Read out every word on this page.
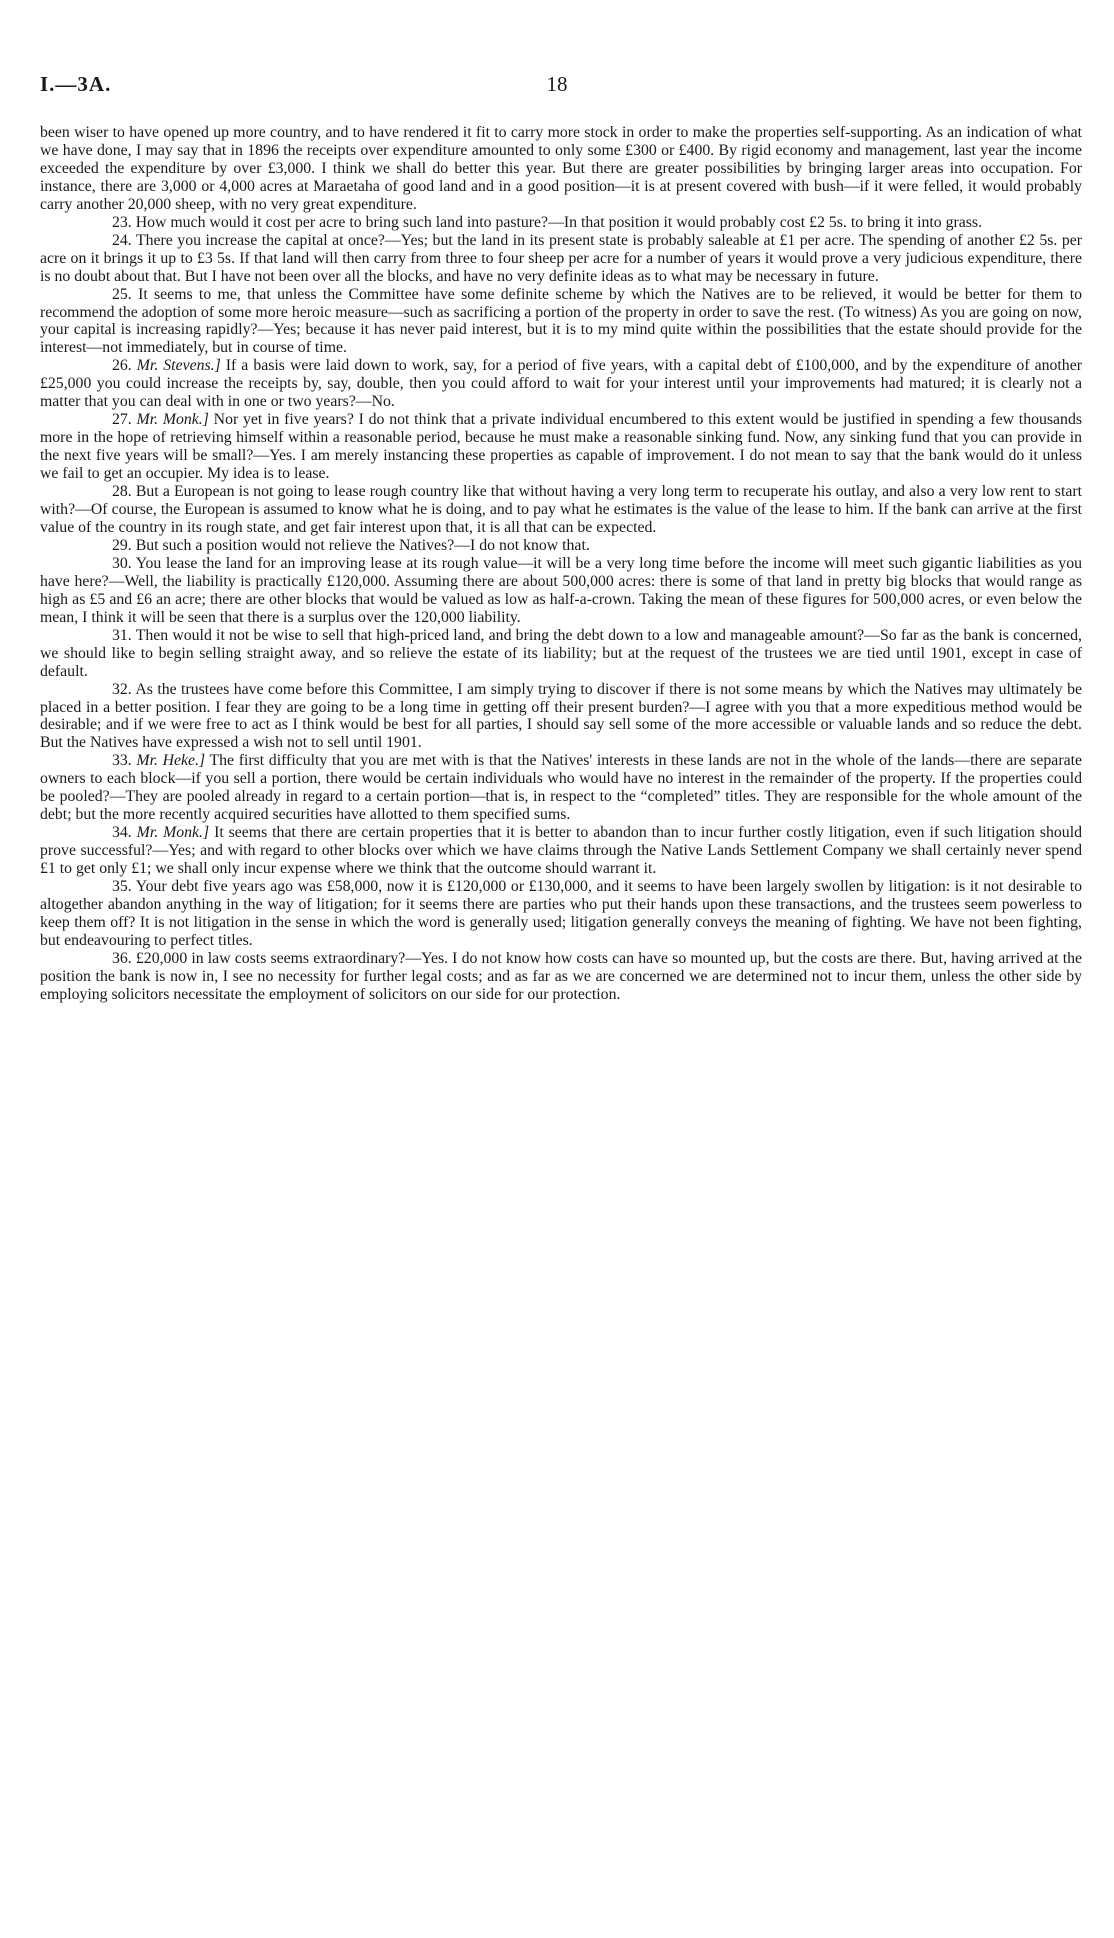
I.—3A.	18

been wiser to have opened up more country, and to have rendered it fit to carry more stock in order to make the properties self-supporting. As an indication of what we have done, I may say that in 1896 the receipts over expenditure amounted to only some £300 or £400. By rigid economy and management, last year the income exceeded the expenditure by over £3,000. I think we shall do better this year. But there are greater possibilities by bringing larger areas into occupation. For instance, there are 3,000 or 4,000 acres at Maraetaha of good land and in a good position—it is at present covered with bush—if it were felled, it would probably carry another 20,000 sheep, with no very great expenditure.

23. How much would it cost per acre to bring such land into pasture?—In that position it would probably cost £2 5s. to bring it into grass.

24. There you increase the capital at once?—Yes; but the land in its present state is probably saleable at £1 per acre. The spending of another £2 5s. per acre on it brings it up to £3 5s. If that land will then carry from three to four sheep per acre for a number of years it would prove a very judicious expenditure, there is no doubt about that. But I have not been over all the blocks, and have no very definite ideas as to what may be necessary in future.

25. It seems to me, that unless the Committee have some definite scheme by which the Natives are to be relieved, it would be better for them to recommend the adoption of some more heroic measure—such as sacrificing a portion of the property in order to save the rest. (To witness) As you are going on now, your capital is increasing rapidly?—Yes; because it has never paid interest, but it is to my mind quite within the possibilities that the estate should provide for the interest—not immediately, but in course of time.

26. Mr. Stevens.] If a basis were laid down to work, say, for a period of five years, with a capital debt of £100,000, and by the expenditure of another £25,000 you could increase the receipts by, say, double, then you could afford to wait for your interest until your improvements had matured; it is clearly not a matter that you can deal with in one or two years?—No.

27. Mr. Monk.] Nor yet in five years? I do not think that a private individual encumbered to this extent would be justified in spending a few thousands more in the hope of retrieving himself within a reasonable period, because he must make a reasonable sinking fund. Now, any sinking fund that you can provide in the next five years will be small?—Yes. I am merely instancing these properties as capable of improvement. I do not mean to say that the bank would do it unless we fail to get an occupier. My idea is to lease.

28. But a European is not going to lease rough country like that without having a very long term to recuperate his outlay, and also a very low rent to start with?—Of course, the European is assumed to know what he is doing, and to pay what he estimates is the value of the lease to him. If the bank can arrive at the first value of the country in its rough state, and get fair interest upon that, it is all that can be expected.

29. But such a position would not relieve the Natives?—I do not know that.

30. You lease the land for an improving lease at its rough value—it will be a very long time before the income will meet such gigantic liabilities as you have here?—Well, the liability is practically £120,000. Assuming there are about 500,000 acres: there is some of that land in pretty big blocks that would range as high as £5 and £6 an acre; there are other blocks that would be valued as low as half-a-crown. Taking the mean of these figures for 500,000 acres, or even below the mean, I think it will be seen that there is a surplus over the 120,000 liability.

31. Then would it not be wise to sell that high-priced land, and bring the debt down to a low and manageable amount?—So far as the bank is concerned, we should like to begin selling straight away, and so relieve the estate of its liability; but at the request of the trustees we are tied until 1901, except in case of default.

32. As the trustees have come before this Committee, I am simply trying to discover if there is not some means by which the Natives may ultimately be placed in a better position. I fear they are going to be a long time in getting off their present burden?—I agree with you that a more expeditious method would be desirable; and if we were free to act as I think would be best for all parties, I should say sell some of the more accessible or valuable lands and so reduce the debt. But the Natives have expressed a wish not to sell until 1901.

33. Mr. Heke.] The first difficulty that you are met with is that the Natives' interests in these lands are not in the whole of the lands—there are separate owners to each block—if you sell a portion, there would be certain individuals who would have no interest in the remainder of the property. If the properties could be pooled?—They are pooled already in regard to a certain portion—that is, in respect to the “completed” titles. They are responsible for the whole amount of the debt; but the more recently acquired securities have allotted to them specified sums.

34. Mr. Monk.] It seems that there are certain properties that it is better to abandon than to incur further costly litigation, even if such litigation should prove successful?—Yes; and with regard to other blocks over which we have claims through the Native Lands Settlement Company we shall certainly never spend £1 to get only £1; we shall only incur expense where we think that the outcome should warrant it.

35. Your debt five years ago was £58,000, now it is £120,000 or £130,000, and it seems to have been largely swollen by litigation: is it not desirable to altogether abandon anything in the way of litigation; for it seems there are parties who put their hands upon these transactions, and the trustees seem powerless to keep them off? It is not litigation in the sense in which the word is generally used; litigation generally conveys the meaning of fighting. We have not been fighting, but endeavouring to perfect titles.

36. £20,000 in law costs seems extraordinary?—Yes. I do not know how costs can have so mounted up, but the costs are there. But, having arrived at the position the bank is now in, I see no necessity for further legal costs; and as far as we are concerned we are determined not to incur them, unless the other side by employing solicitors necessitate the employment of solicitors on our side for our protection.
